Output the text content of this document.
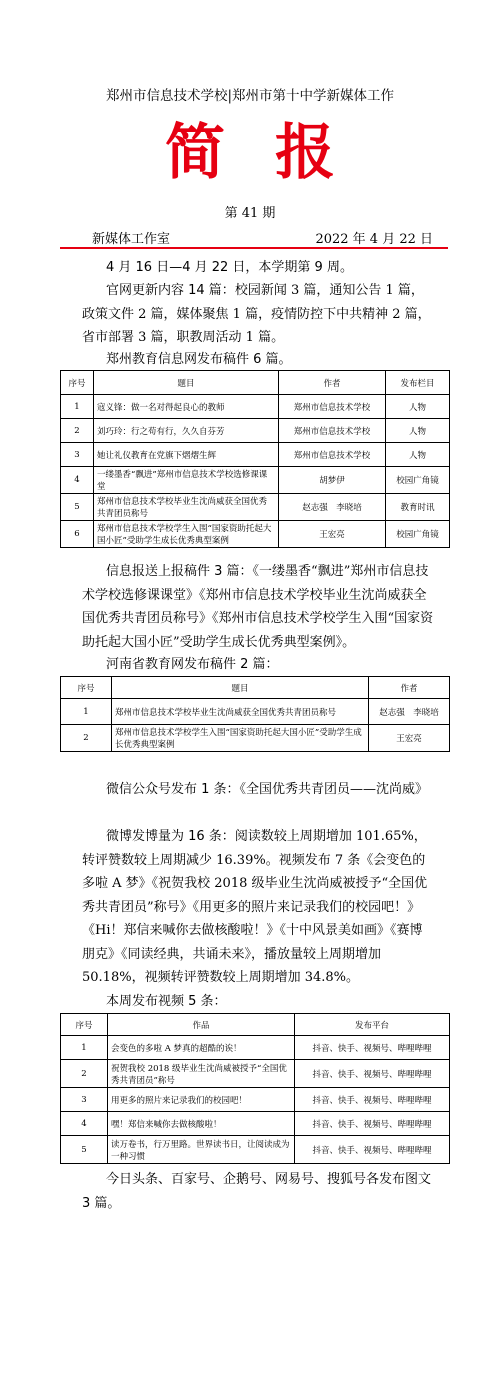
郑州市信息技术学校|郑州市第十中学新媒体工作
简报
第 41 期
新媒体工作室	2022 年 4 月 22 日
4 月 16 日—4 月 22 日，本学期第 9 周。
官网更新内容 14 篇：校园新闻 3 篇，通知公告 1 篇，政策文件 2 篇，媒体聚焦 1 篇，疫情防控下中共精神 2 篇，省市部署 3 篇，职教周活动 1 篇。
郑州教育信息网发布稿件 6 篇。
序号	题目	作者	发布栏目
1	寇义锋：做一名对得起良心的教师	郑州市信息技术学校	人物
2	刘巧玲：行之苟有行，久久自芬芳	郑州市信息技术学校	人物
3	她让礼仪教育在党旗下熠熠生辉	郑州市信息技术学校	人物
4	一缕墨香“飘进”郑州市信息技术学校选修课课堂	胡梦伊	校园广角镜
5	郑州市信息技术学校毕业生沈尚威获全国优秀共青团员称号	赵志强　李晓培	教育时讯
6	郑州市信息技术学校学生入围“国家资助托起大国小匠”受助学生成长优秀典型案例	王宏亮	校园广角镜
信息报送上报稿件 3 篇：《一缕墨香“飘进”郑州市信息技术学校选修课课堂》《郑州市信息技术学校毕业生沈尚威获全国优秀共青团员称号》《郑州市信息技术学校学生入围“国家资助托起大国小匠”受助学生成长优秀典型案例》。
河南省教育网发布稿件 2 篇：
序号	题目	作者
1	郑州市信息技术学校毕业生沈尚威获全国优秀共青团员称号	赵志强　李晓培
2	郑州市信息技术学校学生入围“国家资助托起大国小匠”受助学生成长优秀典型案例	王宏亮
微信公众号发布 1 条：《全国优秀共青团员——沈尚威》
微博发博量为 16 条：阅读数较上周期增加 101.65%，转评赞数较上周期减少 16.39%。视频发布 7 条《会变色的多啦 A 梦》《祝贺我校 2018 级毕业生沈尚威被授予“全国优秀共青团员”称号》《用更多的照片来记录我们的校园吧！》《Hi！郑信来喊你去做核酸啦！》《十中风景美如画》《赛博朋克》《同读经典，共诵未来》，播放量较上周期增加 50.18%，视频转评赞数较上周期增加 34.8%。
本周发布视频 5 条：
序号	作品	发布平台
1	会变色的多啦 A 梦真的超酷的诶！	抖音、快手、视频号、哔哩哔哩
2	祝贺我校 2018 级毕业生沈尚威被授予“全国优秀共青团员”称号	抖音、快手、视频号、哔哩哔哩
3	用更多的照片来记录我们的校园吧！	抖音、快手、视频号、哔哩哔哩
4	嘿！郑信来喊你去做核酸啦！	抖音、快手、视频号、哔哩哔哩
5	读万卷书，行万里路。世界读书日，让阅读成为一种习惯	抖音、快手、视频号、哔哩哔哩
今日头条、百家号、企鹅号、网易号、搜狐号各发布图文 3 篇。
